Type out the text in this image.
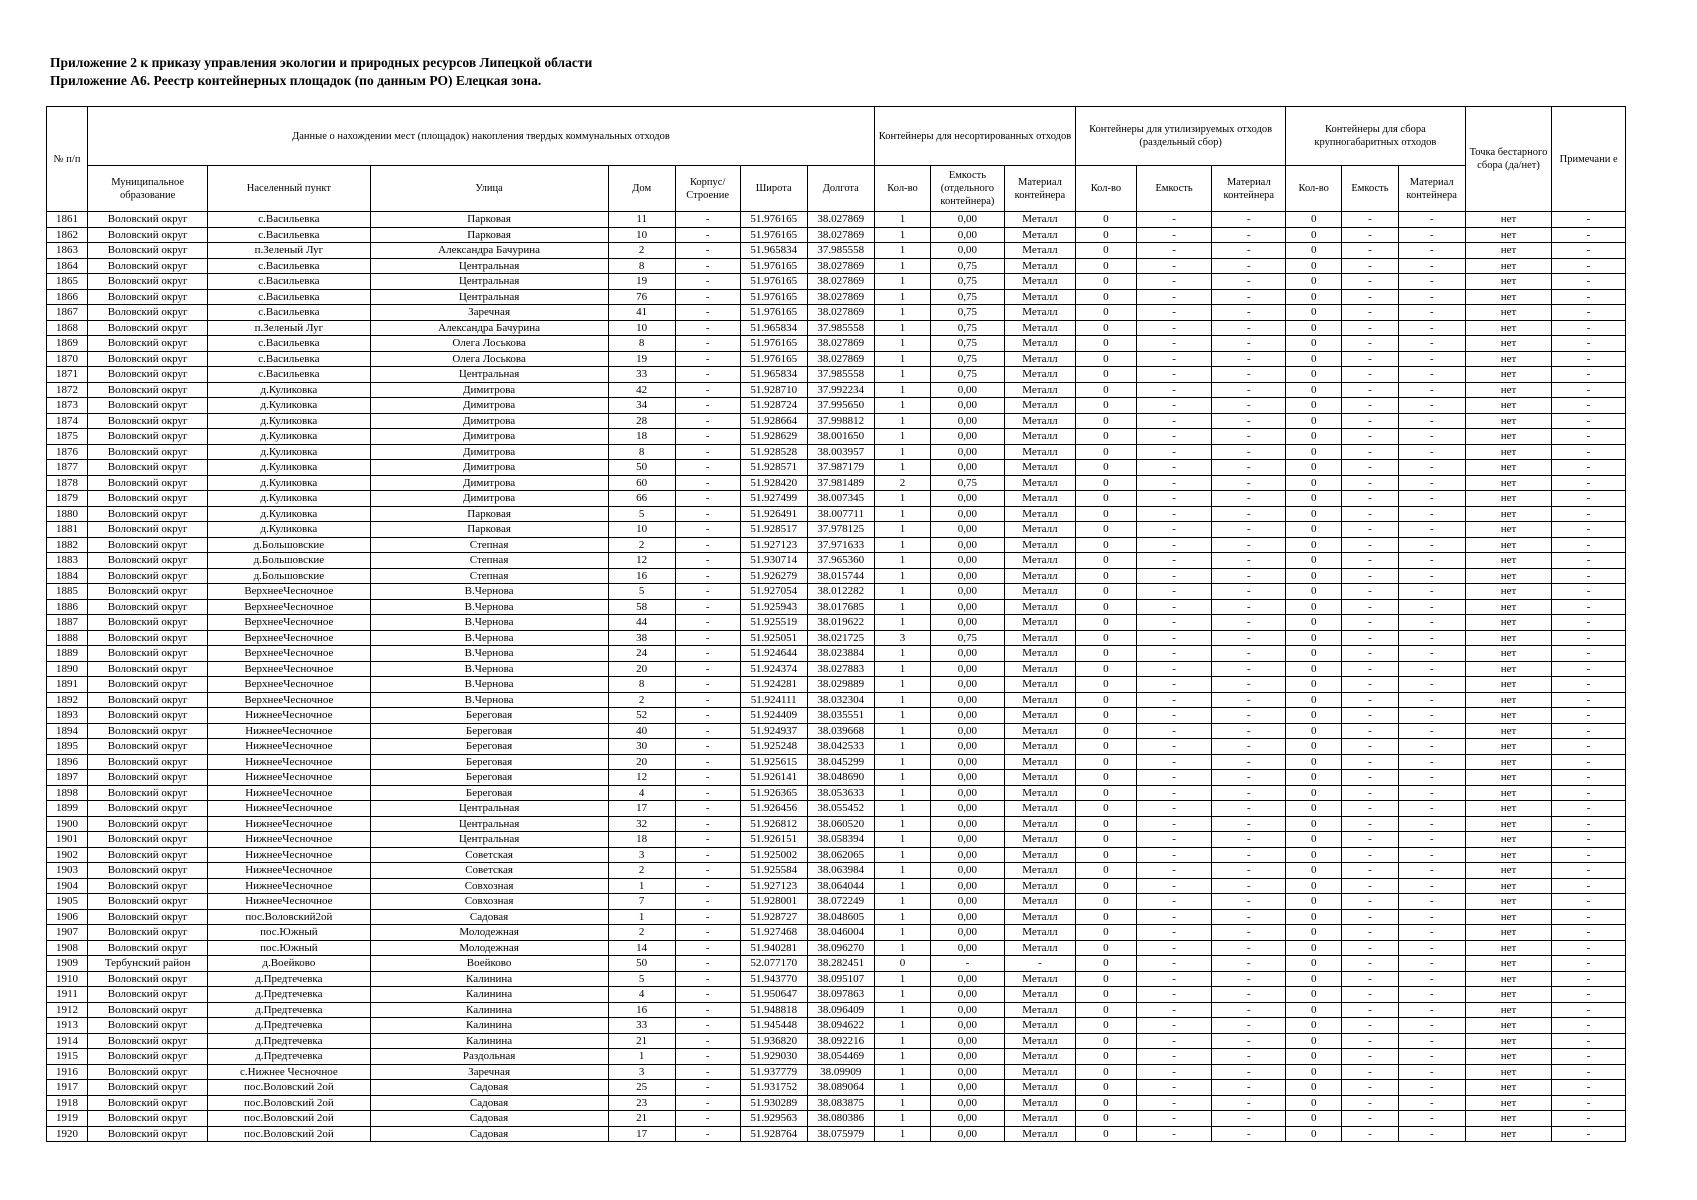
Приложение 2 к приказу управления экологии и природных ресурсов Липецкой области
Приложение А6. Реестр контейнерных площадок (по данным РО) Елецкая зона.
№ п/п	Данные о нахождении мест (площадок) накопления твердых коммунальных отходов							Контейнеры для несортированных отходов			Контейнеры для утилизируемых отходов (раздельный сбор)			Контейнеры для сбора крупногабаритных отходов			Точка бестарного сбора (да/нет)	Примечани е
	Муниципальное образование	Населенный пункт	Улица	Дом	Корпус/ Строение	Широта	Долгота	Кол-во	Емкость (отдельного контейнера)	Материал контейнера	Кол-во	Емкость	Материал контейнера	Кол-во	Емкость	Материал контейнера		
1861	Воловский округ	с.Васильевка	Парковая	11	-	51.976165	38.027869	1	0,00	Металл	0	-	-	0	-	-	нет	-
1862	Воловский округ	с.Васильевка	Парковая	10	-	51.976165	38.027869	1	0,00	Металл	0	-	-	0	-	-	нет	-
1863	Воловский округ	п.Зеленый Луг	Александра Бачурина	2	-	51.965834	37.985558	1	0,00	Металл	0	-	-	0	-	-	нет	-
1864	Воловский округ	с.Васильевка	Центральная	8	-	51.976165	38.027869	1	0,75	Металл	0	-	-	0	-	-	нет	-
1865	Воловский округ	с.Васильевка	Центральная	19	-	51.976165	38.027869	1	0,75	Металл	0	-	-	0	-	-	нет	-
1866	Воловский округ	с.Васильевка	Центральная	76	-	51.976165	38.027869	1	0,75	Металл	0	-	-	0	-	-	нет	-
1867	Воловский округ	с.Васильевка	Заречная	41	-	51.976165	38.027869	1	0,75	Металл	0	-	-	0	-	-	нет	-
1868	Воловский округ	п.Зеленый Луг	Александра Бачурина	10	-	51.965834	37.985558	1	0,75	Металл	0	-	-	0	-	-	нет	-
1869	Воловский округ	с.Васильевка	Олега Лоськова	8	-	51.976165	38.027869	1	0,75	Металл	0	-	-	0	-	-	нет	-
1870	Воловский округ	с.Васильевка	Олега Лоськова	19	-	51.976165	38.027869	1	0,75	Металл	0	-	-	0	-	-	нет	-
1871	Воловский округ	с.Васильевка	Центральная	33	-	51.965834	37.985558	1	0,75	Металл	0	-	-	0	-	-	нет	-
1872	Воловский округ	д.Куликовка	Димитрова	42	-	51.928710	37.992234	1	0,00	Металл	0	-	-	0	-	-	нет	-
1873	Воловский округ	д.Куликовка	Димитрова	34	-	51.928724	37.995650	1	0,00	Металл	0	-	-	0	-	-	нет	-
1874	Воловский округ	д.Куликовка	Димитрова	28	-	51.928664	37.998812	1	0,00	Металл	0	-	-	0	-	-	нет	-
1875	Воловский округ	д.Куликовка	Димитрова	18	-	51.928629	38.001650	1	0,00	Металл	0	-	-	0	-	-	нет	-
1876	Воловский округ	д.Куликовка	Димитрова	8	-	51.928528	38.003957	1	0,00	Металл	0	-	-	0	-	-	нет	-
1877	Воловский округ	д.Куликовка	Димитрова	50	-	51.928571	37.987179	1	0,00	Металл	0	-	-	0	-	-	нет	-
1878	Воловский округ	д.Куликовка	Димитрова	60	-	51.928420	37.981489	2	0,75	Металл	0	-	-	0	-	-	нет	-
1879	Воловский округ	д.Куликовка	Димитрова	66	-	51.927499	38.007345	1	0,00	Металл	0	-	-	0	-	-	нет	-
1880	Воловский округ	д.Куликовка	Парковая	5	-	51.926491	38.007711	1	0,00	Металл	0	-	-	0	-	-	нет	-
1881	Воловский округ	д.Куликовка	Парковая	10	-	51.928517	37.978125	1	0,00	Металл	0	-	-	0	-	-	нет	-
1882	Воловский округ	д.Большовские	Степная	2	-	51.927123	37.971633	1	0,00	Металл	0	-	-	0	-	-	нет	-
1883	Воловский округ	д.Большовские	Степная	12	-	51.930714	37.965360	1	0,00	Металл	0	-	-	0	-	-	нет	-
1884	Воловский округ	д.Большовские	Степная	16	-	51.926279	38.015744	1	0,00	Металл	0	-	-	0	-	-	нет	-
1885	Воловский округ	ВерхнееЧесночное	В.Чернова	5	-	51.927054	38.012282	1	0,00	Металл	0	-	-	0	-	-	нет	-
1886	Воловский округ	ВерхнееЧесночное	В.Чернова	58	-	51.925943	38.017685	1	0,00	Металл	0	-	-	0	-	-	нет	-
1887	Воловский округ	ВерхнееЧесночное	В.Чернова	44	-	51.925519	38.019622	1	0,00	Металл	0	-	-	0	-	-	нет	-
1888	Воловский округ	ВерхнееЧесночное	В.Чернова	38	-	51.925051	38.021725	3	0,75	Металл	0	-	-	0	-	-	нет	-
1889	Воловский округ	ВерхнееЧесночное	В.Чернова	24	-	51.924644	38.023884	1	0,00	Металл	0	-	-	0	-	-	нет	-
1890	Воловский округ	ВерхнееЧесночное	В.Чернова	20	-	51.924374	38.027883	1	0,00	Металл	0	-	-	0	-	-	нет	-
1891	Воловский округ	ВерхнееЧесночное	В.Чернова	8	-	51.924281	38.029889	1	0,00	Металл	0	-	-	0	-	-	нет	-
1892	Воловский округ	ВерхнееЧесночное	В.Чернова	2	-	51.924111	38.032304	1	0,00	Металл	0	-	-	0	-	-	нет	-
1893	Воловский округ	НижнееЧесночное	Береговая	52	-	51.924409	38.035551	1	0,00	Металл	0	-	-	0	-	-	нет	-
1894	Воловский округ	НижнееЧесночное	Береговая	40	-	51.924937	38.039668	1	0,00	Металл	0	-	-	0	-	-	нет	-
1895	Воловский округ	НижнееЧесночное	Береговая	30	-	51.925248	38.042533	1	0,00	Металл	0	-	-	0	-	-	нет	-
1896	Воловский округ	НижнееЧесночное	Береговая	20	-	51.925615	38.045299	1	0,00	Металл	0	-	-	0	-	-	нет	-
1897	Воловский округ	НижнееЧесночное	Береговая	12	-	51.926141	38.048690	1	0,00	Металл	0	-	-	0	-	-	нет	-
1898	Воловский округ	НижнееЧесночное	Береговая	4	-	51.926365	38.053633	1	0,00	Металл	0	-	-	0	-	-	нет	-
1899	Воловский округ	НижнееЧесночное	Центральная	17	-	51.926456	38.055452	1	0,00	Металл	0	-	-	0	-	-	нет	-
1900	Воловский округ	НижнееЧесночное	Центральная	32	-	51.926812	38.060520	1	0,00	Металл	0	-	-	0	-	-	нет	-
1901	Воловский округ	НижнееЧесночное	Центральная	18	-	51.926151	38.058394	1	0,00	Металл	0	-	-	0	-	-	нет	-
1902	Воловский округ	НижнееЧесночное	Советская	3	-	51.925002	38.062065	1	0,00	Металл	0	-	-	0	-	-	нет	-
1903	Воловский округ	НижнееЧесночное	Советская	2	-	51.925584	38.063984	1	0,00	Металл	0	-	-	0	-	-	нет	-
1904	Воловский округ	НижнееЧесночное	Совхозная	1	-	51.927123	38.064044	1	0,00	Металл	0	-	-	0	-	-	нет	-
1905	Воловский округ	НижнееЧесночное	Совхозная	7	-	51.928001	38.072249	1	0,00	Металл	0	-	-	0	-	-	нет	-
1906	Воловский округ	пос.Воловский2ой	Садовая	1	-	51.928727	38.048605	1	0,00	Металл	0	-	-	0	-	-	нет	-
1907	Воловский округ	пос.Южный	Молодежная	2	-	51.927468	38.046004	1	0,00	Металл	0	-	-	0	-	-	нет	-
1908	Воловский округ	пос.Южный	Молодежная	14	-	51.940281	38.096270	1	0,00	Металл	0	-	-	0	-	-	нет	-
1909	Тербунский район	д.Воейково	Воейково	50	-	52.077170	38.282451	0	-	-	0	-	-	0	-	-	нет	-
1910	Воловский округ	д.Предтечевка	Калинина	5	-	51.943770	38.095107	1	0,00	Металл	0	-	-	0	-	-	нет	-
1911	Воловский округ	д.Предтечевка	Калинина	4	-	51.950647	38.097863	1	0,00	Металл	0	-	-	0	-	-	нет	-
1912	Воловский округ	д.Предтечевка	Калинина	16	-	51.948818	38.096409	1	0,00	Металл	0	-	-	0	-	-	нет	-
1913	Воловский округ	д.Предтечевка	Калинина	33	-	51.945448	38.094622	1	0,00	Металл	0	-	-	0	-	-	нет	-
1914	Воловский округ	д.Предтечевка	Калинина	21	-	51.936820	38.092216	1	0,00	Металл	0	-	-	0	-	-	нет	-
1915	Воловский округ	д.Предтечевка	Раздольная	1	-	51.929030	38.054469	1	0,00	Металл	0	-	-	0	-	-	нет	-
1916	Воловский округ	с.Нижнее Чесночное	Заречная	3	-	51.937779	38.09909	1	0,00	Металл	0	-	-	0	-	-	нет	-
1917	Воловский округ	пос.Воловский 2ой	Садовая	25	-	51.931752	38.089064	1	0,00	Металл	0	-	-	0	-	-	нет	-
1918	Воловский округ	пос.Воловский 2ой	Садовая	23	-	51.930289	38.083875	1	0,00	Металл	0	-	-	0	-	-	нет	-
1919	Воловский округ	пос.Воловский 2ой	Садовая	21	-	51.929563	38.080386	1	0,00	Металл	0	-	-	0	-	-	нет	-
1920	Воловский округ	пос.Воловский 2ой	Садовая	17	-	51.928764	38.075979	1	0,00	Металл	0	-	-	0	-	-	нет	-
